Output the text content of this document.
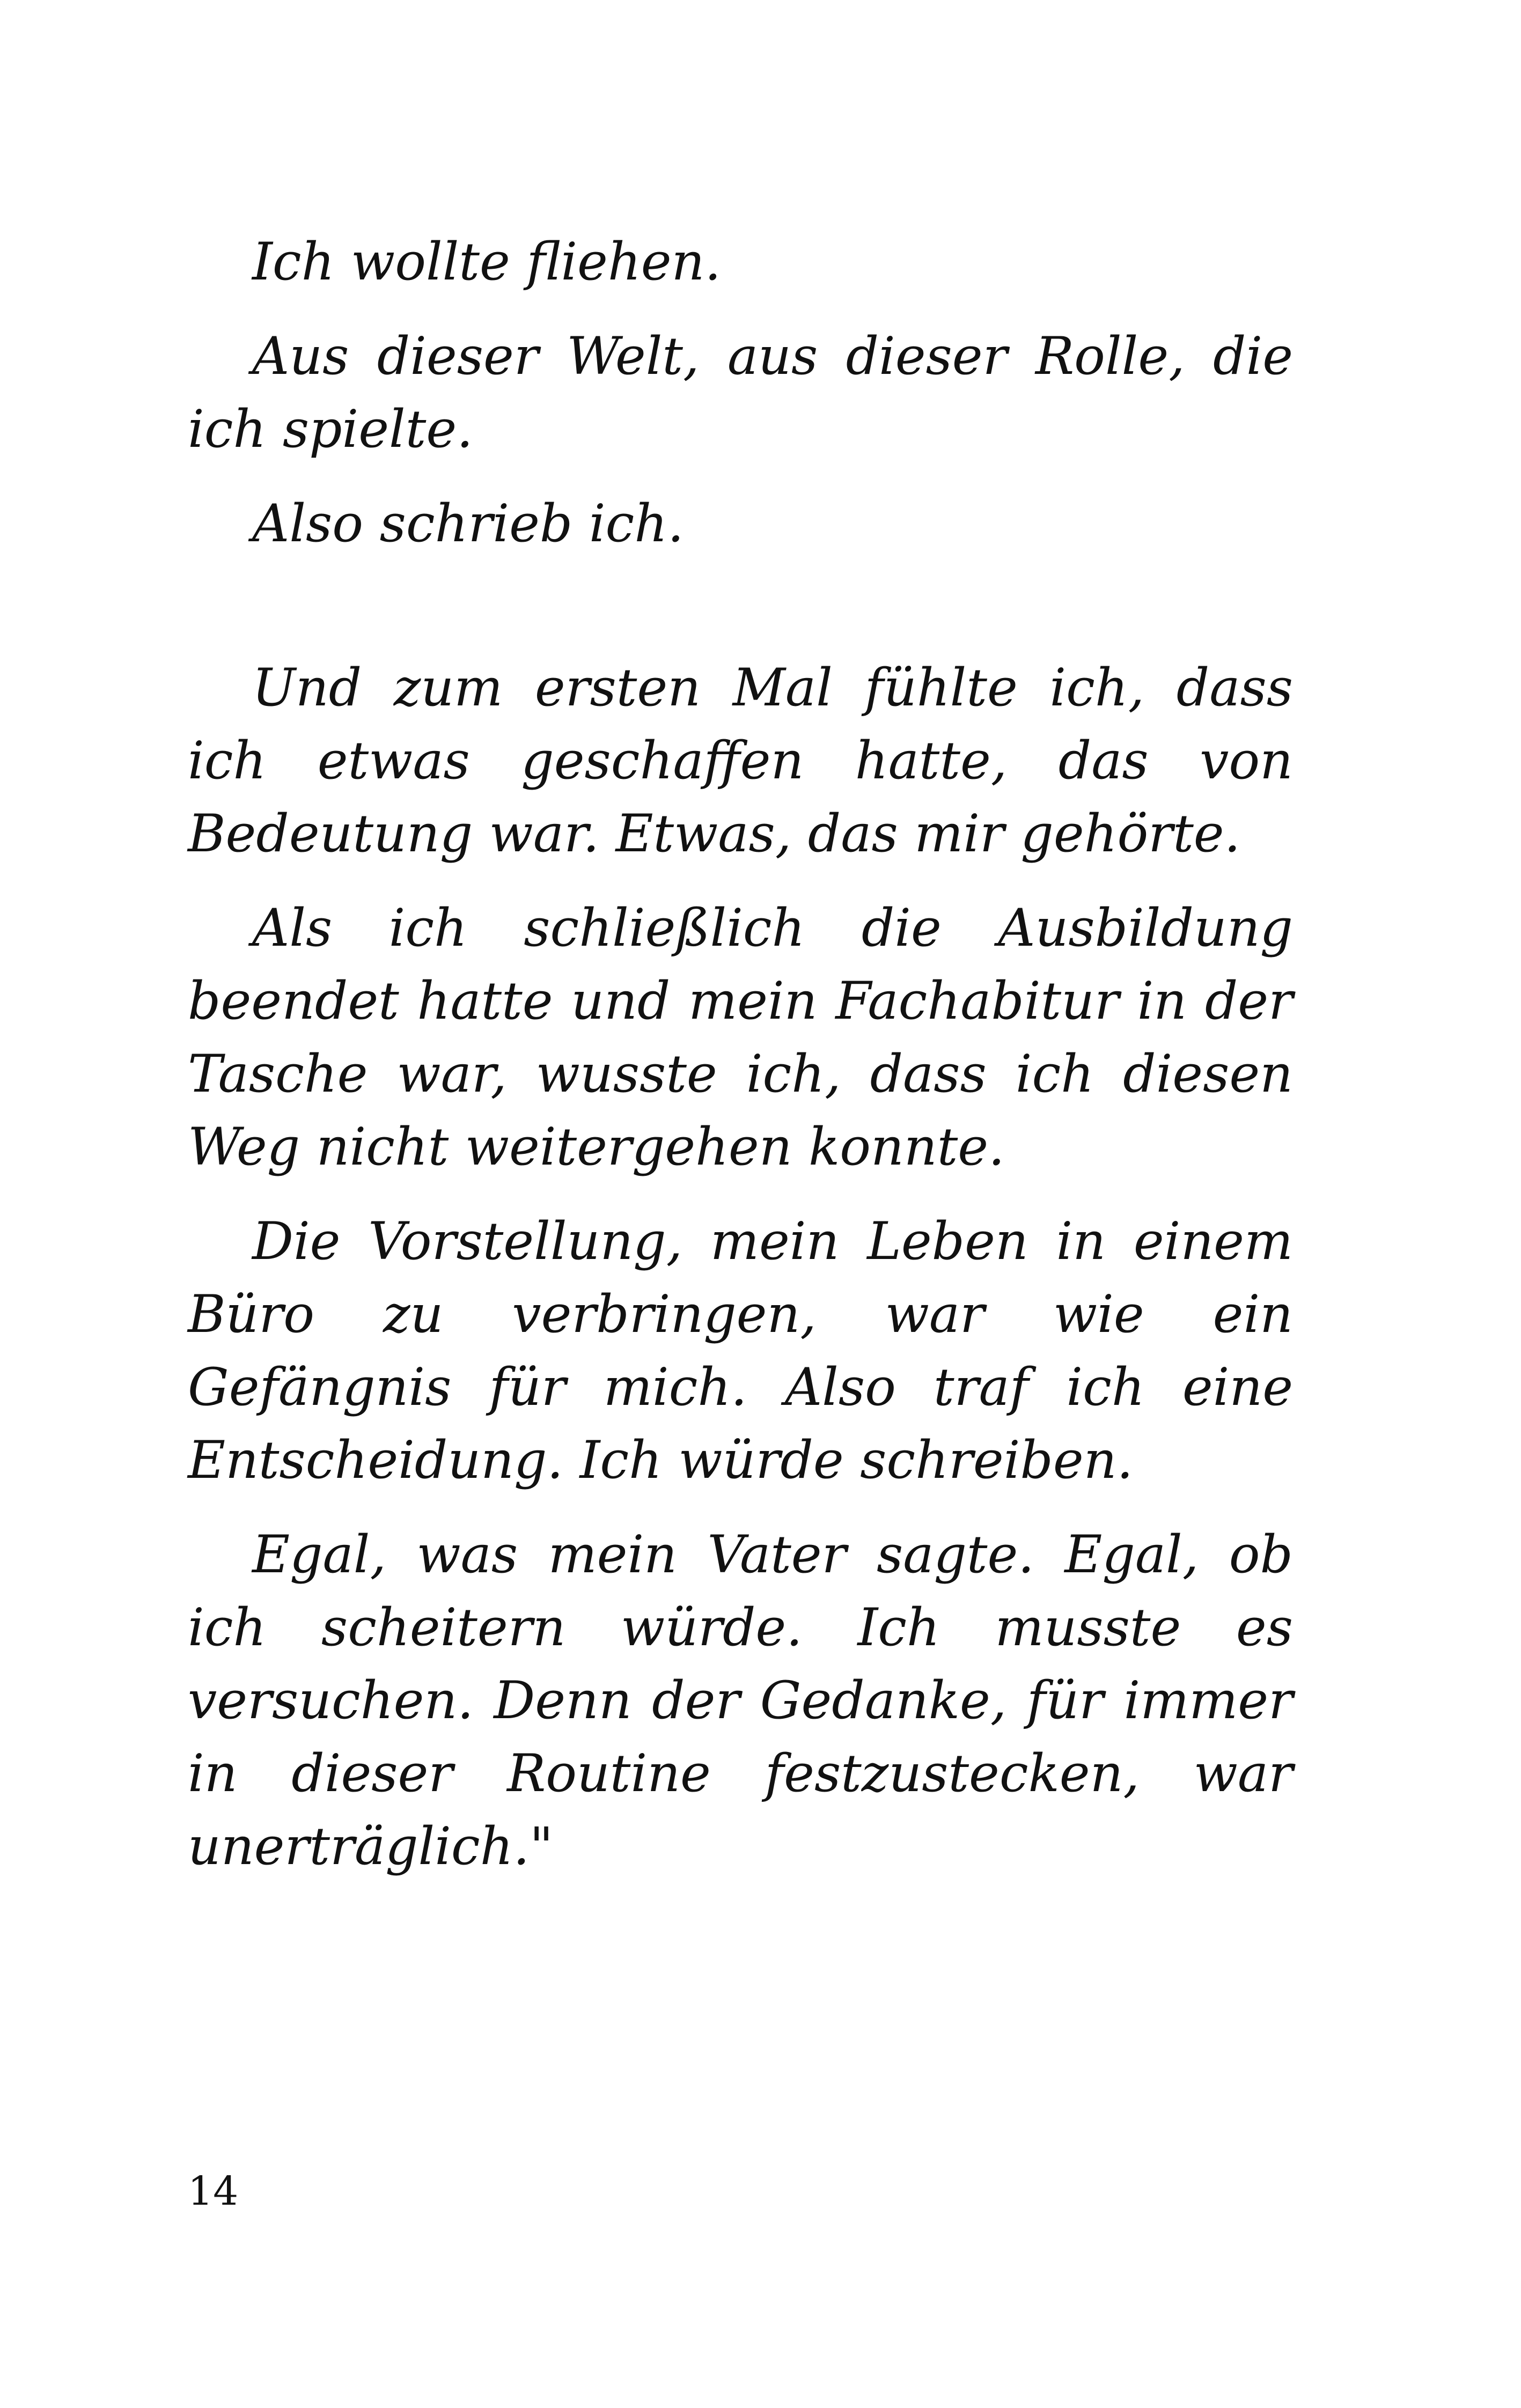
Ich wollte fliehen.

Aus dieser Welt, aus dieser Rolle, die ich spielte.

Also schrieb ich.

Und zum ersten Mal fühlte ich, dass ich etwas geschaffen hatte, das von Bedeutung war. Etwas, das mir gehörte.

Als ich schließlich die Ausbildung beendet hatte und mein Fachabitur in der Tasche war, wusste ich, dass ich diesen Weg nicht weitergehen konnte.

Die Vorstellung, mein Leben in einem Büro zu verbringen, war wie ein Gefängnis für mich. Also traf ich eine Entscheidung. Ich würde schreiben.

Egal, was mein Vater sagte. Egal, ob ich scheitern würde. Ich musste es versuchen. Denn der Gedanke, für immer in dieser Routine festzustecken, war unerträglich."

14
